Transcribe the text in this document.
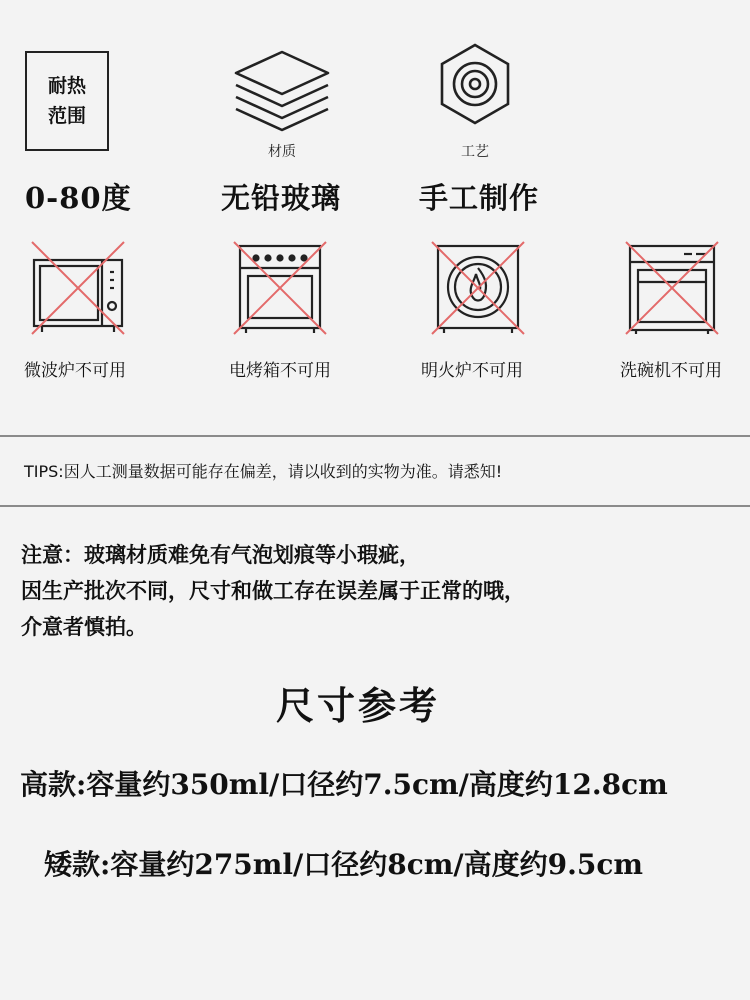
耐热
范围
0-80度
材质
无铅玻璃
工艺
手工制作
微波炉不可用	电烤箱不可用	明火炉不可用	洗碗机不可用
TIPS:因人工测量数据可能存在偏差，请以收到的实物为准。请悉知!
注意：玻璃材质难免有气泡划痕等小瑕疵，
因生产批次不同，尺寸和做工存在误差属于正常的哦，
介意者慎拍。
尺寸参考
高款:容量约350ml/口径约7.5cm/高度约12.8cm
矮款:容量约275ml/口径约8cm/高度约9.5cm
